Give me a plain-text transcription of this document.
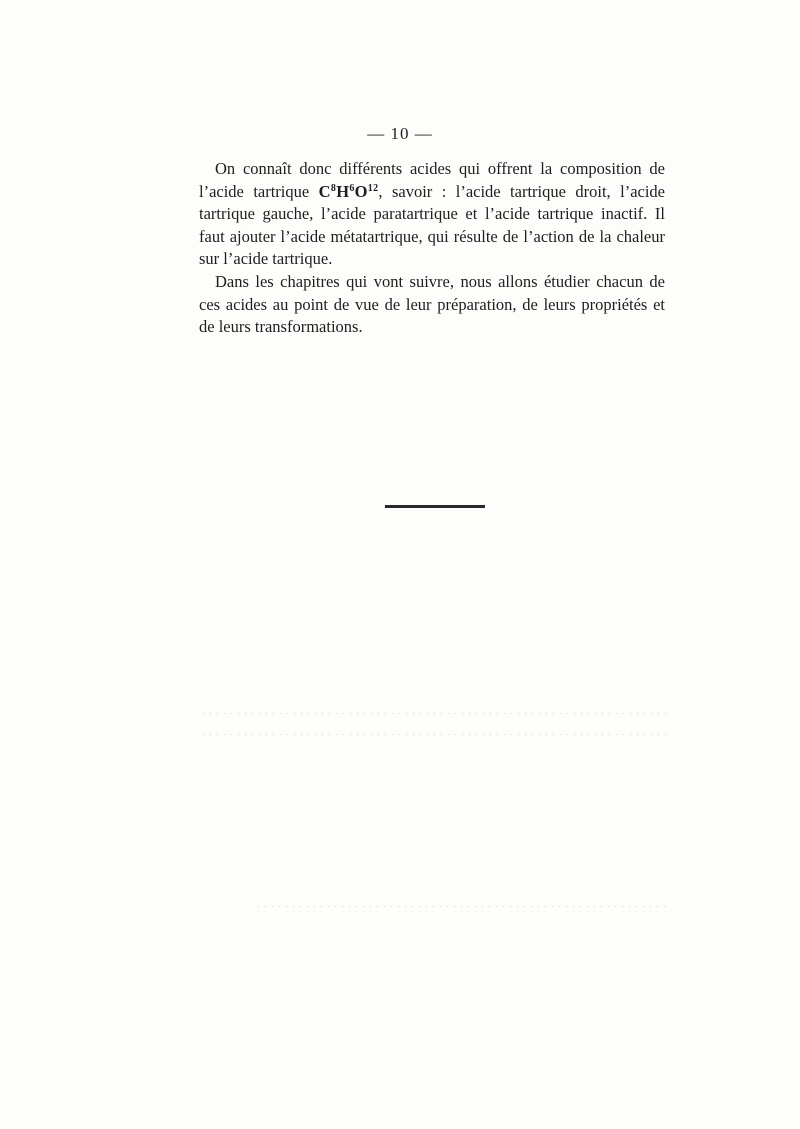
— 10 —

On connaît donc différents acides qui offrent la composition de l’acide tartrique $C^8H^6O^{12}$, savoir : l’acide tartrique droit, l’acide tartrique gauche, l’acide paratartrique et l’acide tartrique inactif. Il faut ajouter l’acide métatartrique, qui résulte de l’action de la chaleur sur l’acide tartrique.

Dans les chapitres qui vont suivre, nous allons étudier chacun de ces acides au point de vue de leur préparation, de leurs propriétés et de leurs transformations.
